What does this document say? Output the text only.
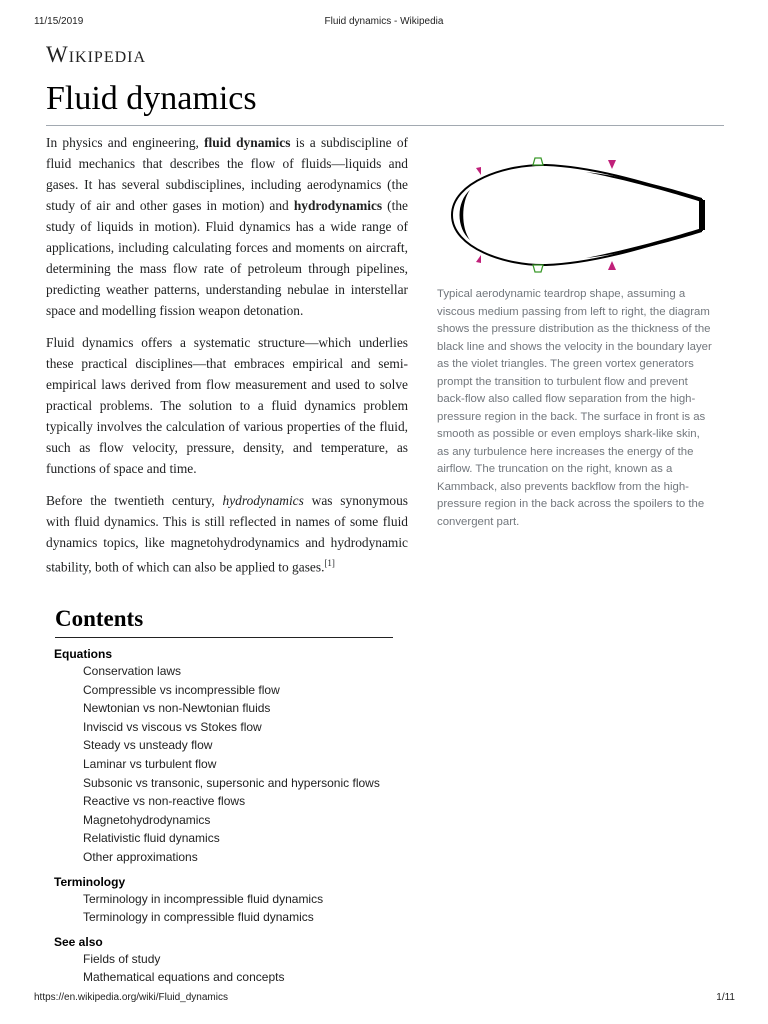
11/15/2019	Fluid dynamics - Wikipedia
Wikipedia
Fluid dynamics

In physics and engineering, fluid dynamics is a subdiscipline of fluid mechanics that describes the flow of fluids—liquids and gases. It has several subdisciplines, including aerodynamics (the study of air and other gases in motion) and hydrodynamics (the study of liquids in motion). Fluid dynamics has a wide range of applications, including calculating forces and moments on aircraft, determining the mass flow rate of petroleum through pipelines, predicting weather patterns, understanding nebulae in interstellar space and modelling fission weapon detonation.

Fluid dynamics offers a systematic structure—which underlies these practical disciplines—that embraces empirical and semi-empirical laws derived from flow measurement and used to solve practical problems. The solution to a fluid dynamics problem typically involves the calculation of various properties of the fluid, such as flow velocity, pressure, density, and temperature, as functions of space and time.

Before the twentieth century, hydrodynamics was synonymous with fluid dynamics. This is still reflected in names of some fluid dynamics topics, like magnetohydrodynamics and hydrodynamic stability, both of which can also be applied to gases.[1]

Typical aerodynamic teardrop shape, assuming a viscous medium passing from left to right, the diagram shows the pressure distribution as the thickness of the black line and shows the velocity in the boundary layer as the violet triangles. The green vortex generators prompt the transition to turbulent flow and prevent back-flow also called flow separation from the high-pressure region in the back. The surface in front is as smooth as possible or even employs shark-like skin, as any turbulence here increases the energy of the airflow. The truncation on the right, known as a Kammback, also prevents backflow from the high-pressure region in the back across the spoilers to the convergent part.
Contents
Equations
Conservation laws
Compressible vs incompressible flow
Newtonian vs non-Newtonian fluids
Inviscid vs viscous vs Stokes flow
Steady vs unsteady flow
Laminar vs turbulent flow
Subsonic vs transonic, supersonic and hypersonic flows
Reactive vs non-reactive flows
Magnetohydrodynamics
Relativistic fluid dynamics
Other approximations
Terminology
Terminology in incompressible fluid dynamics
Terminology in compressible fluid dynamics
See also
Fields of study
Mathematical equations and concepts
https://en.wikipedia.org/wiki/Fluid_dynamics	1/11
